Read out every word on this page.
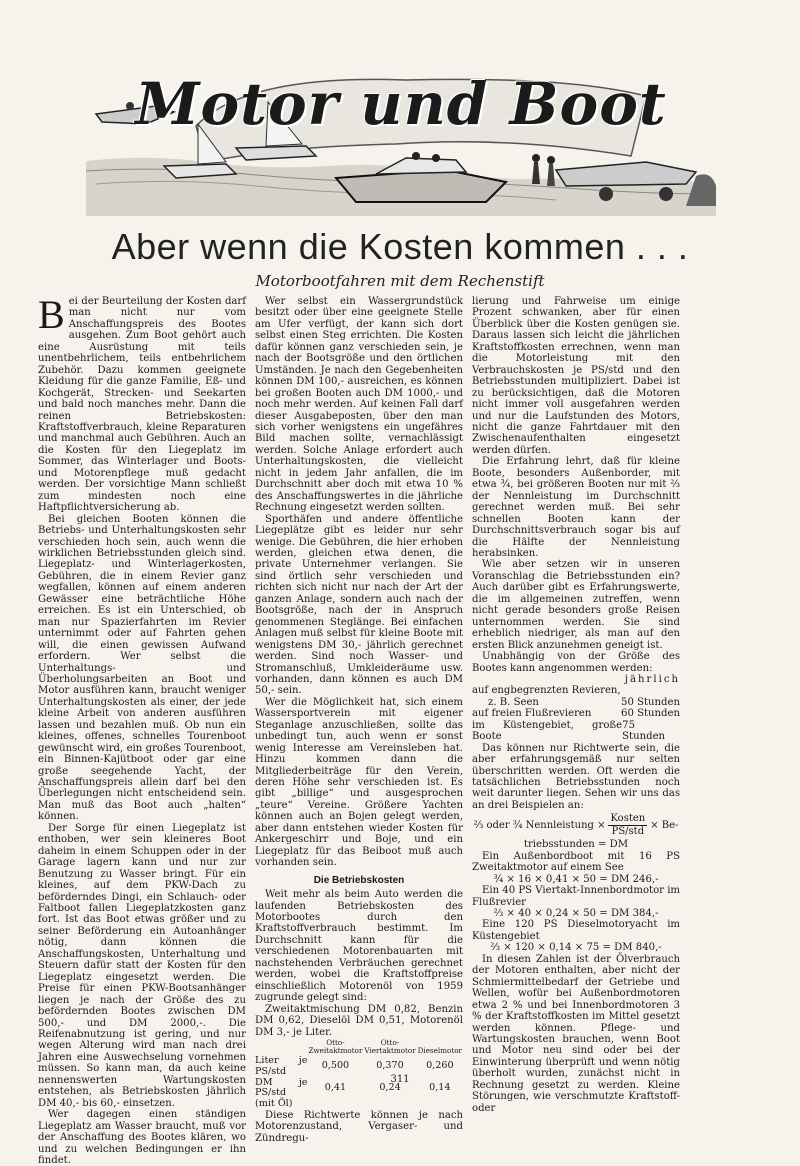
Motor und Boot
Aber wenn die Kosten kommen . . .
Motorbootfahren mit dem Rechenstift

Bei der Beurteilung der Kosten darf man nicht nur vom Anschaffungspreis des Bootes ausgehen. Zum Boot gehört auch eine Ausrüstung mit teils unentbehrlichem, teils entbehrlichem Zubehör. Dazu kommen geeignete Kleidung für die ganze Familie, Eß- und Kochgerät, Strecken- und Seekarten und bald noch manches mehr. Dann die reinen Betriebskosten: Kraftstoffverbrauch, kleine Reparaturen und manchmal auch Gebühren. Auch an die Kosten für den Liegeplatz im Sommer, das Winterlager und Boots- und Motorenpflege muß gedacht werden. Der vorsichtige Mann schließt zum mindesten noch eine Haftpflichtversicherung ab.

Bei gleichen Booten können die Betriebs- und Unterhaltungskosten sehr verschieden hoch sein, auch wenn die wirklichen Betriebsstunden gleich sind. Liegeplatz- und Winterlagerkosten, Gebühren, die in einem Revier ganz wegfallen, können auf einem anderen Gewässer eine beträchtliche Höhe erreichen. Es ist ein Unterschied, ob man nur Spazierfahrten im Revier unternimmt oder auf Fahrten gehen will, die einen gewissen Aufwand erfordern. Wer selbst die Unterhaltungs- und Überholungsarbeiten an Boot und Motor ausführen kann, braucht weniger Unterhaltungskosten als einer, der jede kleine Arbeit von anderen ausführen lassen und bezahlen muß. Ob nun ein kleines, offenes, schnelles Tourenboot gewünscht wird, ein großes Tourenboot, ein Binnen-Kajütboot oder gar eine große seegehende Yacht, der Anschaffungspreis allein darf bei den Überlegungen nicht entscheidend sein. Man muß das Boot auch „halten“ können.

Der Sorge für einen Liegeplatz ist enthoben, wer sein kleineres Boot daheim in einem Schuppen oder in der Garage lagern kann und nur zur Benutzung zu Wasser bringt. Für ein kleines, auf dem PKW-Dach zu beförderndes Dingi, ein Schlauch- oder Faltboot fallen Liegeplatzkosten ganz fort. Ist das Boot etwas größer und zu seiner Beförderung ein Autoanhänger nötig, dann können die Anschaffungskosten, Unterhaltung und Steuern dafür statt der Kosten für den Liegeplatz eingesetzt werden. Die Preise für einen PKW-Bootsanhänger liegen je nach der Größe des zu befördernden Bootes zwischen DM 500,- und DM 2000,-. Die Reifenabnutzung ist gering, und nur wegen Alterung wird man nach drei Jahren eine Auswechselung vornehmen müssen. So kann man, da auch keine nennenswerten Wartungskosten entstehen, als Betriebskosten jährlich DM 40,- bis 60,- einsetzen.

Wer dagegen einen ständigen Liegeplatz am Wasser braucht, muß vor der Anschaffung des Bootes klären, wo und zu welchen Bedingungen er ihn findet.

Wer selbst ein Wassergrundstück besitzt oder über eine geeignete Stelle am Ufer verfügt, der kann sich dort selbst einen Steg errichten. Die Kosten dafür können ganz verschieden sein, je nach der Bootsgröße und den örtlichen Umständen. Je nach den Gegebenheiten können DM 100,- ausreichen, es können bei großen Booten auch DM 1000,- und noch mehr werden. Auf keinen Fall darf dieser Ausgabeposten, über den man sich vorher wenigstens ein ungefähres Bild machen sollte, vernachlässigt werden. Solche Anlage erfordert auch Unterhaltungskosten, die vielleicht nicht in jedem Jahr anfallen, die im Durchschnitt aber doch mit etwa 10 % des Anschaffungswertes in die jährliche Rechnung eingesetzt werden sollten.

Sporthäfen und andere öffentliche Liegeplätze gibt es leider nur sehr wenige. Die Gebühren, die hier erhoben werden, gleichen etwa denen, die private Unternehmer verlangen. Sie sind örtlich sehr verschieden und richten sich nicht nur nach der Art der ganzen Anlage, sondern auch nach der Bootsgröße, nach der in Anspruch genommenen Steglänge. Bei einfachen Anlagen muß selbst für kleine Boote mit wenigstens DM 30,- jährlich gerechnet werden. Sind noch Wasser- und Stromanschluß, Umkleideräume usw. vorhanden, dann können es auch DM 50,- sein.

Wer die Möglichkeit hat, sich einem Wassersportverein mit eigener Steganlage anzuschließen, sollte das unbedingt tun, auch wenn er sonst wenig Interesse am Vereinsleben hat. Hinzu kommen dann die Mitgliederbeiträge für den Verein, deren Höhe sehr verschieden ist. Es gibt „billige“ und ausgesprochen „teure“ Vereine. Größere Yachten können auch an Bojen gelegt werden, aber dann entstehen wieder Kosten für Ankergeschirr und Boje, und ein Liegeplatz für das Beiboot muß auch vorhanden sein.

Die Betriebskosten

Weit mehr als beim Auto werden die laufenden Betriebskosten des Motorbootes durch den Kraftstoffverbrauch bestimmt. Im Durchschnitt kann für die verschiedenen Motorenbauarten mit nachstehenden Verbräuchen gerechnet werden, wobei die Kraftstoffpreise einschließlich Motorenöl von 1959 zugrunde gelegt sind:

Zweitaktmischung DM 0,82, Benzin DM 0,62, Dieselöl DM 0,51, Motorenöl DM 3,- je Liter.

	Otto-Zweitaktmotor	Otto-Viertaktmotor	Dieselmotor
Liter je PS/std	0,500	0,370	0,260
DM je PS/std	0,41	0,24	0,14
(mit Öl)			

Diese Richtwerte können je nach Motorenzustand, Vergaser- und Zündregu-

lierung und Fahrweise um einige Prozent schwanken, aber für einen Überblick über die Kosten genügen sie. Daraus lassen sich leicht die jährlichen Kraftstoffkosten errechnen, wenn man die Motorleistung mit den Verbrauchskosten je PS/std und den Betriebsstunden multipliziert. Dabei ist zu berücksichtigen, daß die Motoren nicht immer voll ausgefahren werden und nur die Laufstunden des Motors, nicht die ganze Fahrtdauer mit den Zwischenaufenthalten eingesetzt werden dürfen.

Die Erfahrung lehrt, daß für kleine Boote, besonders Außenborder, mit etwa ¾, bei größeren Booten nur mit ⅔ der Nennleistung im Durchschnitt gerechnet werden muß. Bei sehr schnellen Booten kann der Durchschnittsverbrauch sogar bis auf die Hälfte der Nennleistung herabsinken.

Wie aber setzen wir in unseren Voranschlag die Betriebsstunden ein? Auch darüber gibt es Erfahrungswerte, die im allgemeinen zutreffen, wenn nicht gerade besonders große Reisen unternommen werden. Sie sind erheblich niedriger, als man auf den ersten Blick anzunehmen geneigt ist.

Unabhängig von der Größe des Bootes kann angenommen werden:

jährlich
auf engbegrenzten Revieren,
z. B. Seen	50 Stunden
auf freien Flußrevieren	60 Stunden
im Küstengebiet, große Boote
75 Stunden

Das können nur Richtwerte sein, die aber erfahrungsgemäß nur selten überschritten werden. Oft werden die tatsächlichen Betriebsstunden noch weit darunter liegen. Sehen wir uns das an drei Beispielen an:

⅔ oder ¾ Nennleistung × $\frac{\text{Kosten}}{\text{PS/std}} \times Be-$
triebsstunden = DM

Ein Außenbordboot mit 16 PS Zweitaktmotor auf einem See

¾ × 16 × 0,41 × 50 = DM 246,-

Ein 40 PS Viertakt-Innenbordmotor im Flußrevier

⅔ × 40 × 0,24 × 50 = DM 384,-

Eine 120 PS Dieselmotoryacht im Küstengebiet

⅔ × 120 × 0,14 × 75 = DM 840,-

In diesen Zahlen ist der Ölverbrauch der Motoren enthalten, aber nicht der Schmiermittelbedarf der Getriebe und Wellen, wofür bei Außenbordmotoren etwa 2 % und bei Innenbordmotoren 3 % der Kraftstoffkosten im Mittel gesetzt werden können. Pflege- und Wartungskosten brauchen, wenn Boot und Motor neu sind oder bei der Einwinterung überprüft und wenn nötig überholt wurden, zunächst nicht in Rechnung gesetzt zu werden. Kleine Störungen, wie verschmutzte Kraftstoff- oder

311
